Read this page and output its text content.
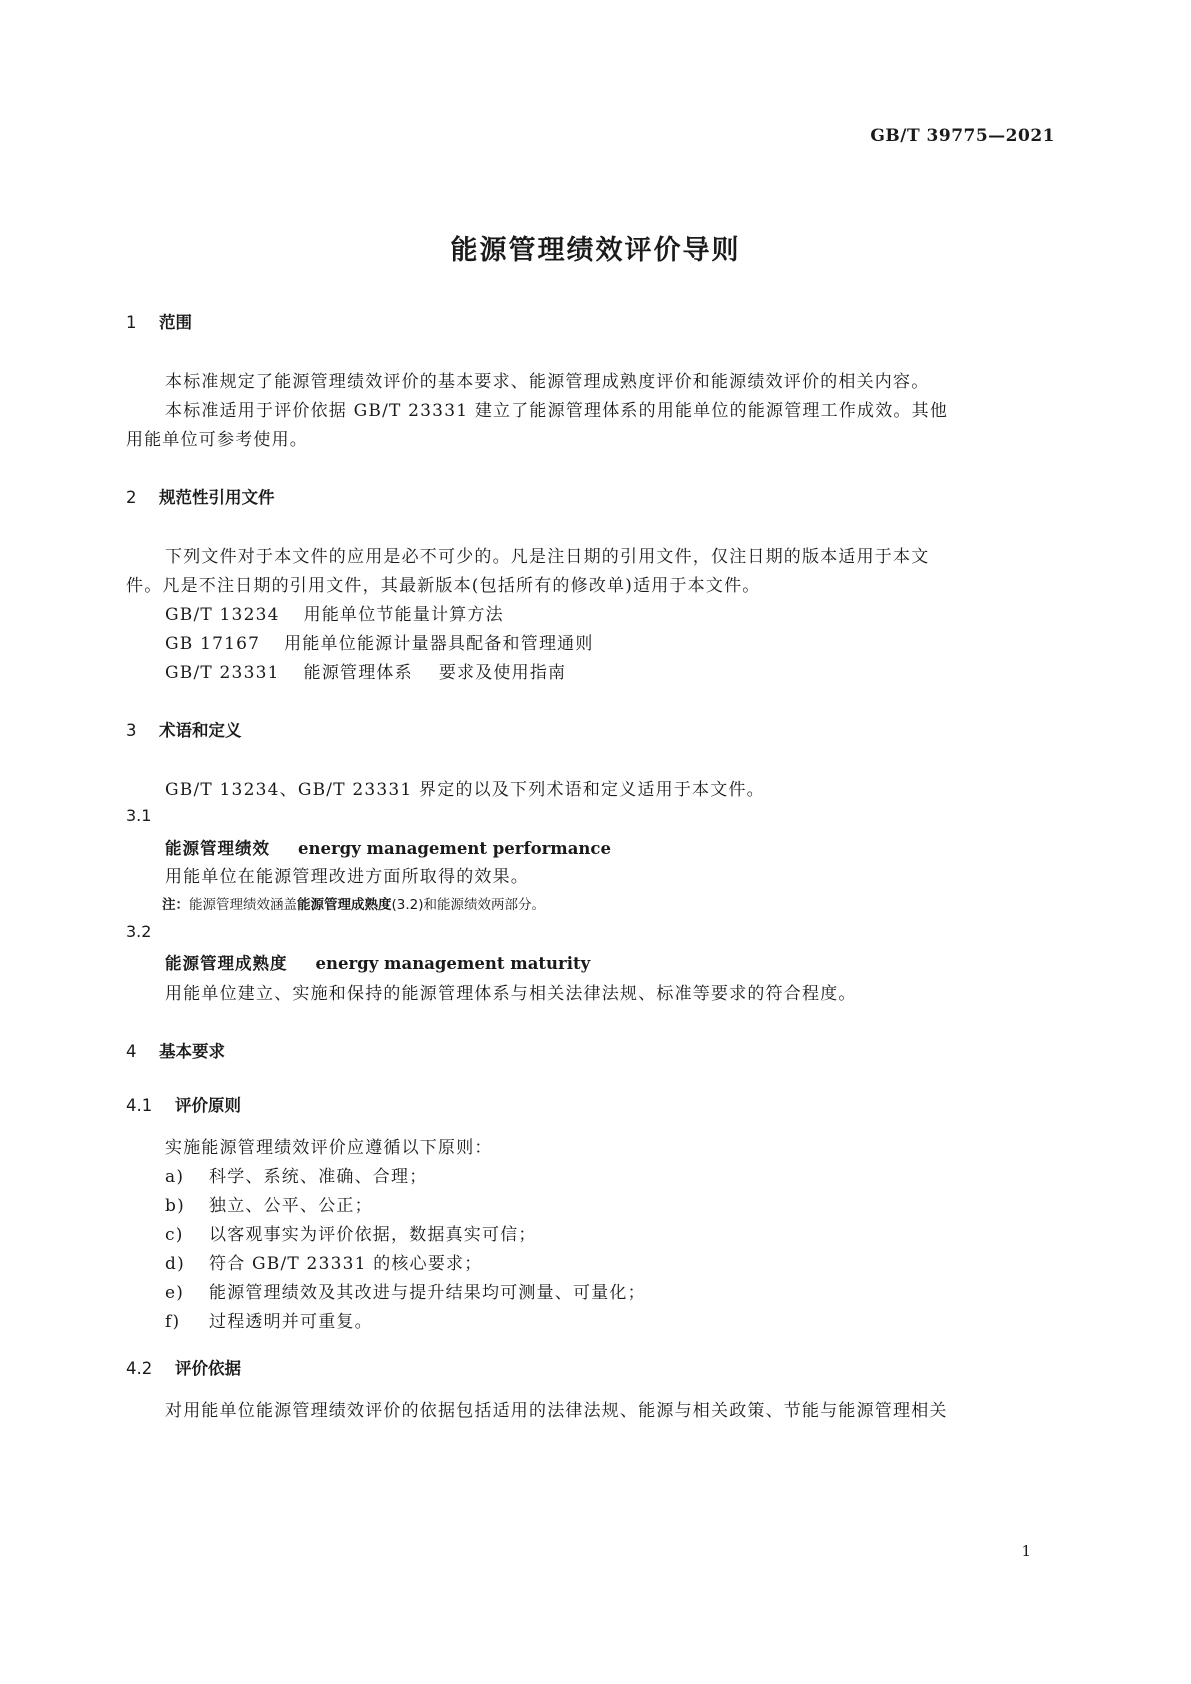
GB/T 39775—2021
能源管理绩效评价导则
1 范围
本标准规定了能源管理绩效评价的基本要求、能源管理成熟度评价和能源绩效评价的相关内容。
本标准适用于评价依据 GB/T 23331 建立了能源管理体系的用能单位的能源管理工作成效。其他
用能单位可参考使用。
2 规范性引用文件
下列文件对于本文件的应用是必不可少的。凡是注日期的引用文件，仅注日期的版本适用于本文
件。凡是不注日期的引用文件，其最新版本(包括所有的修改单)适用于本文件。
GB/T 13234 用能单位节能量计算方法
GB 17167 用能单位能源计量器具配备和管理通则
GB/T 23331 能源管理体系 要求及使用指南
3 术语和定义
GB/T 13234、GB/T 23331 界定的以及下列术语和定义适用于本文件。
3.1
能源管理绩效 energy management performance
用能单位在能源管理改进方面所取得的效果。
注：能源管理绩效涵盖能源管理成熟度(3.2)和能源绩效两部分。
3.2
能源管理成熟度 energy management maturity
用能单位建立、实施和保持的能源管理体系与相关法律法规、标准等要求的符合程度。
4 基本要求
4.1 评价原则
实施能源管理绩效评价应遵循以下原则：
a) 科学、系统、准确、合理；
b) 独立、公平、公正；
c) 以客观事实为评价依据，数据真实可信；
d) 符合 GB/T 23331 的核心要求；
e) 能源管理绩效及其改进与提升结果均可测量、可量化；
f) 过程透明并可重复。
4.2 评价依据
对用能单位能源管理绩效评价的依据包括适用的法律法规、能源与相关政策、节能与能源管理相关
1
